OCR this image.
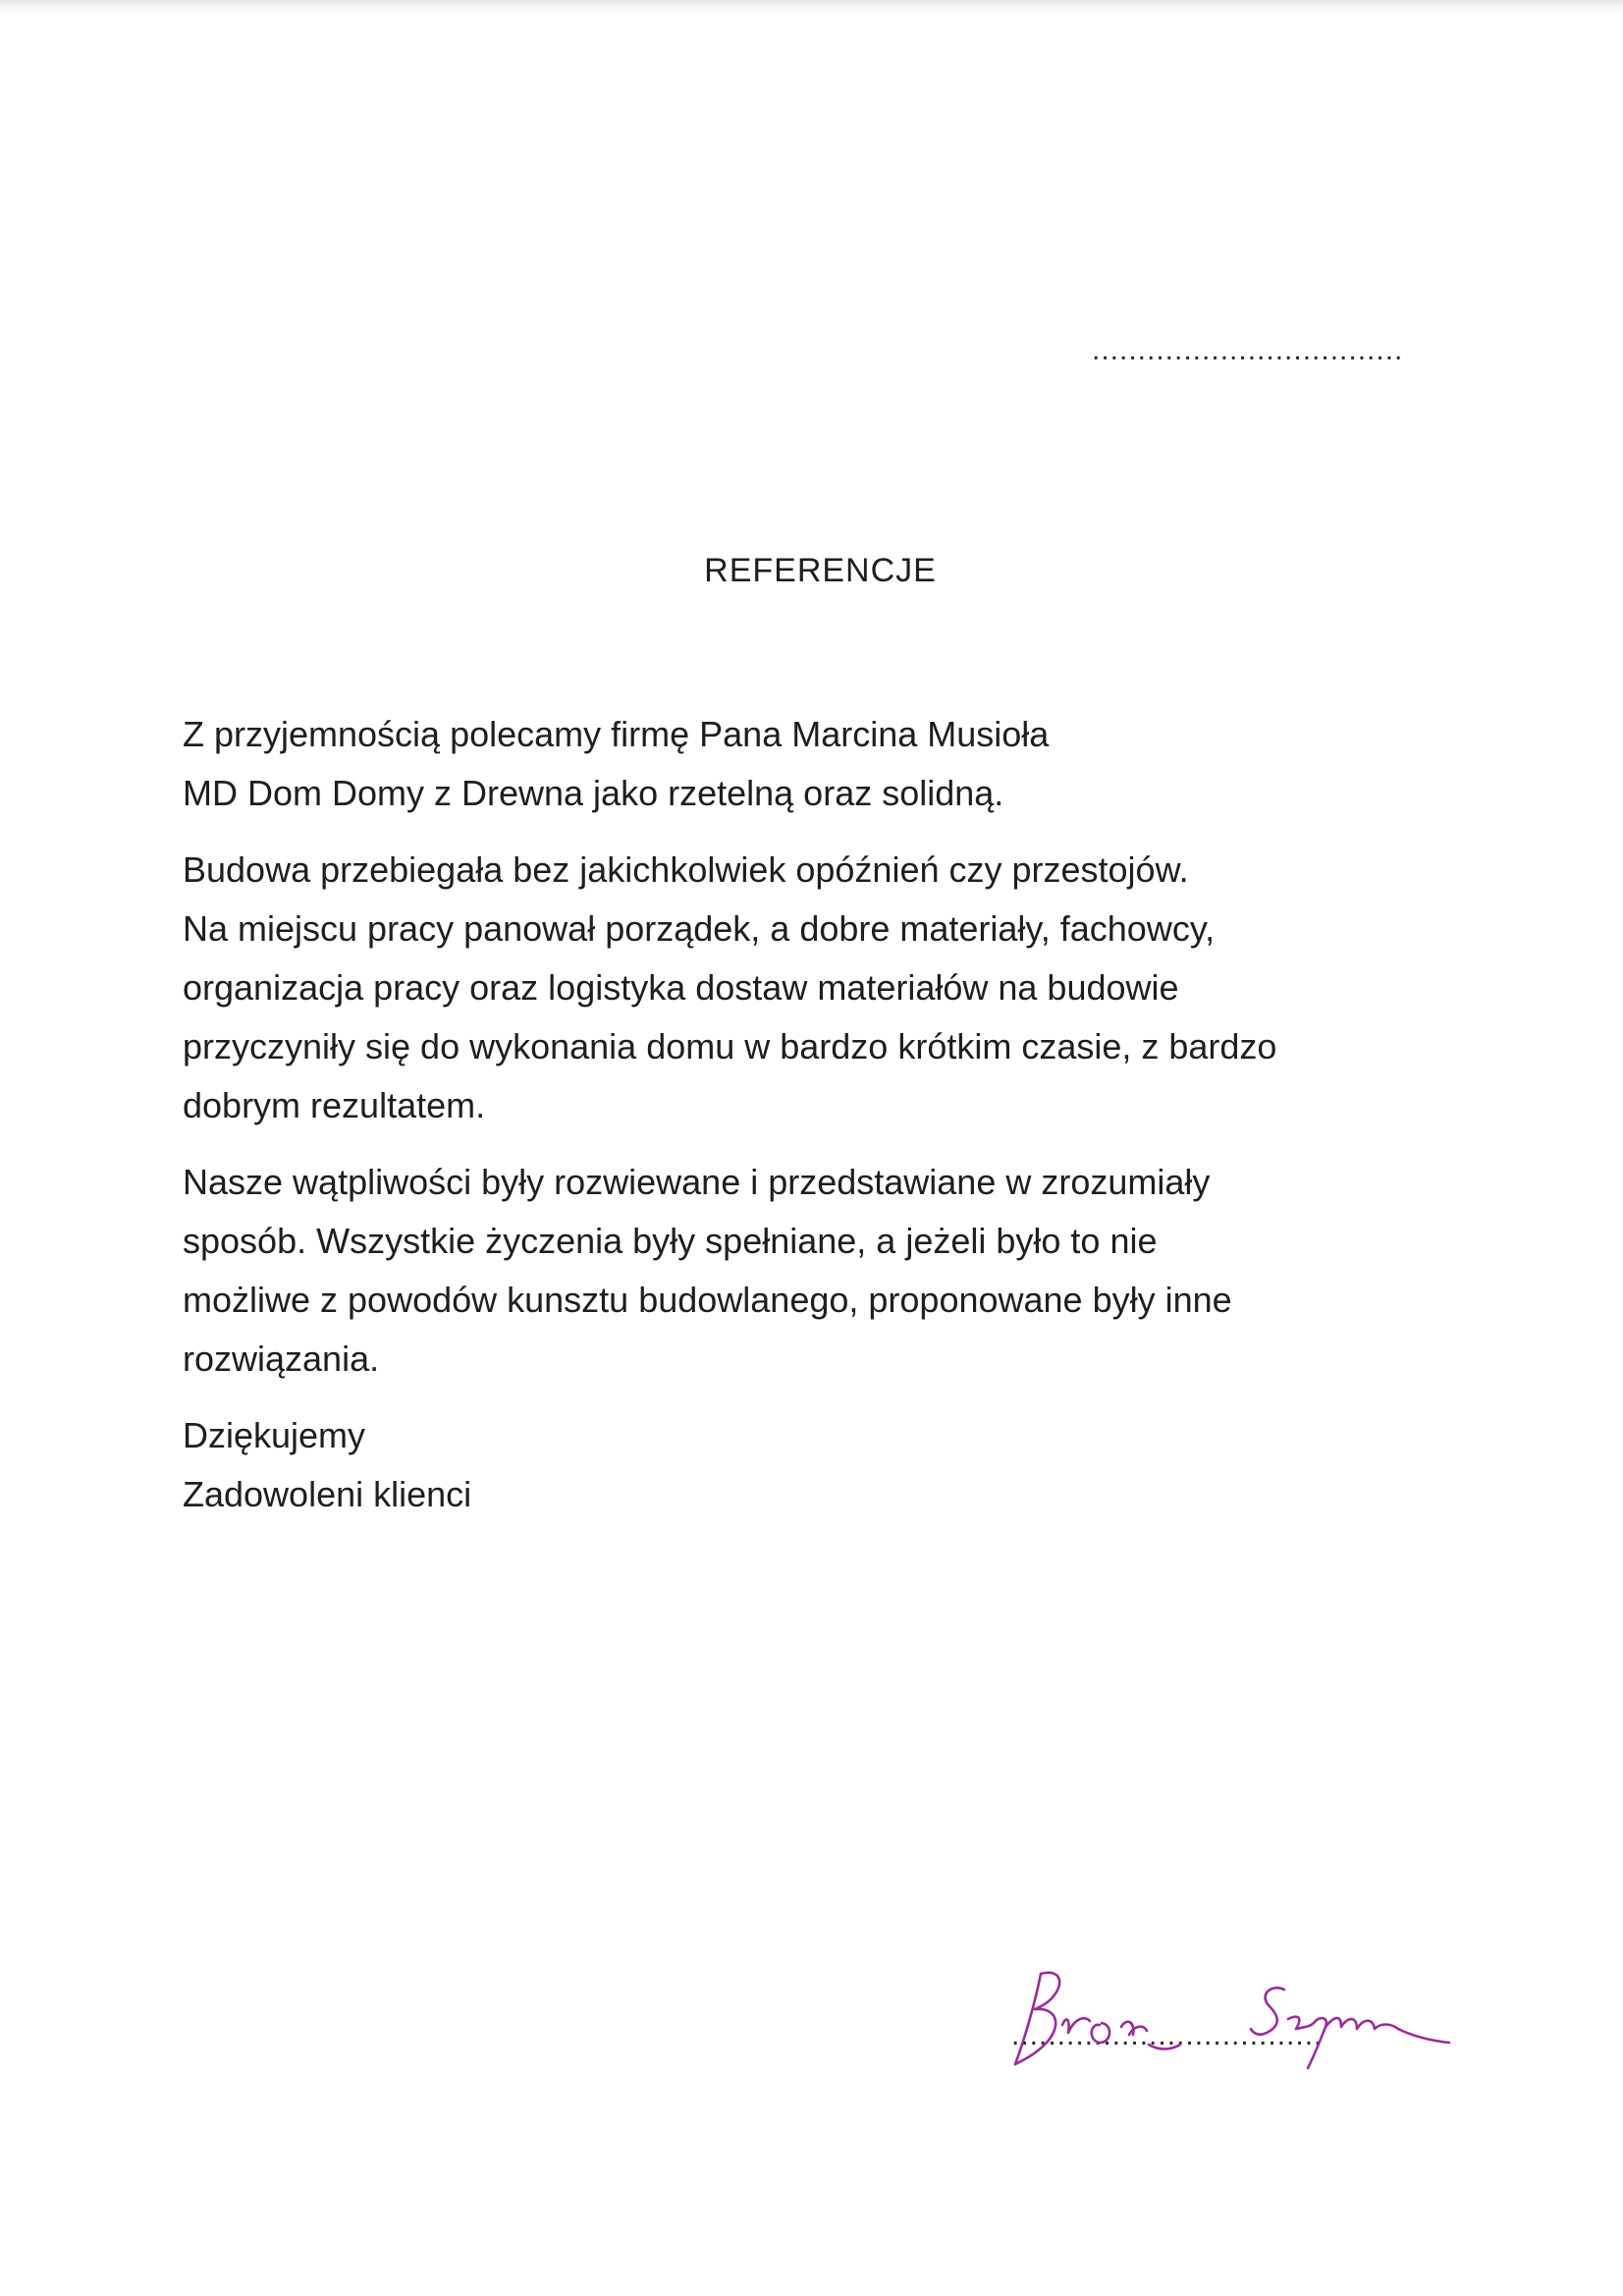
..................................
REFERENCJE

Z przyjemnością polecamy firmę Pana Marcina Musioła
MD Dom Domy z Drewna jako rzetelną oraz solidną.

Budowa przebiegała bez jakichkolwiek opóźnień czy przestojów.
Na miejscu pracy panował porządek, a dobre materiały, fachowcy,
organizacja pracy oraz logistyka dostaw materiałów na budowie
przyczyniły się do wykonania domu w bardzo krótkim czasie, z bardzo
dobrym rezultatem.

Nasze wątpliwości były rozwiewane i przedstawiane w zrozumiały
sposób. Wszystkie życzenia były spełniane, a jeżeli było to nie
możliwe z powodów kunsztu budowlanego, proponowane były inne
rozwiązania.

Dziękujemy
Zadowoleni klienci

..................................
